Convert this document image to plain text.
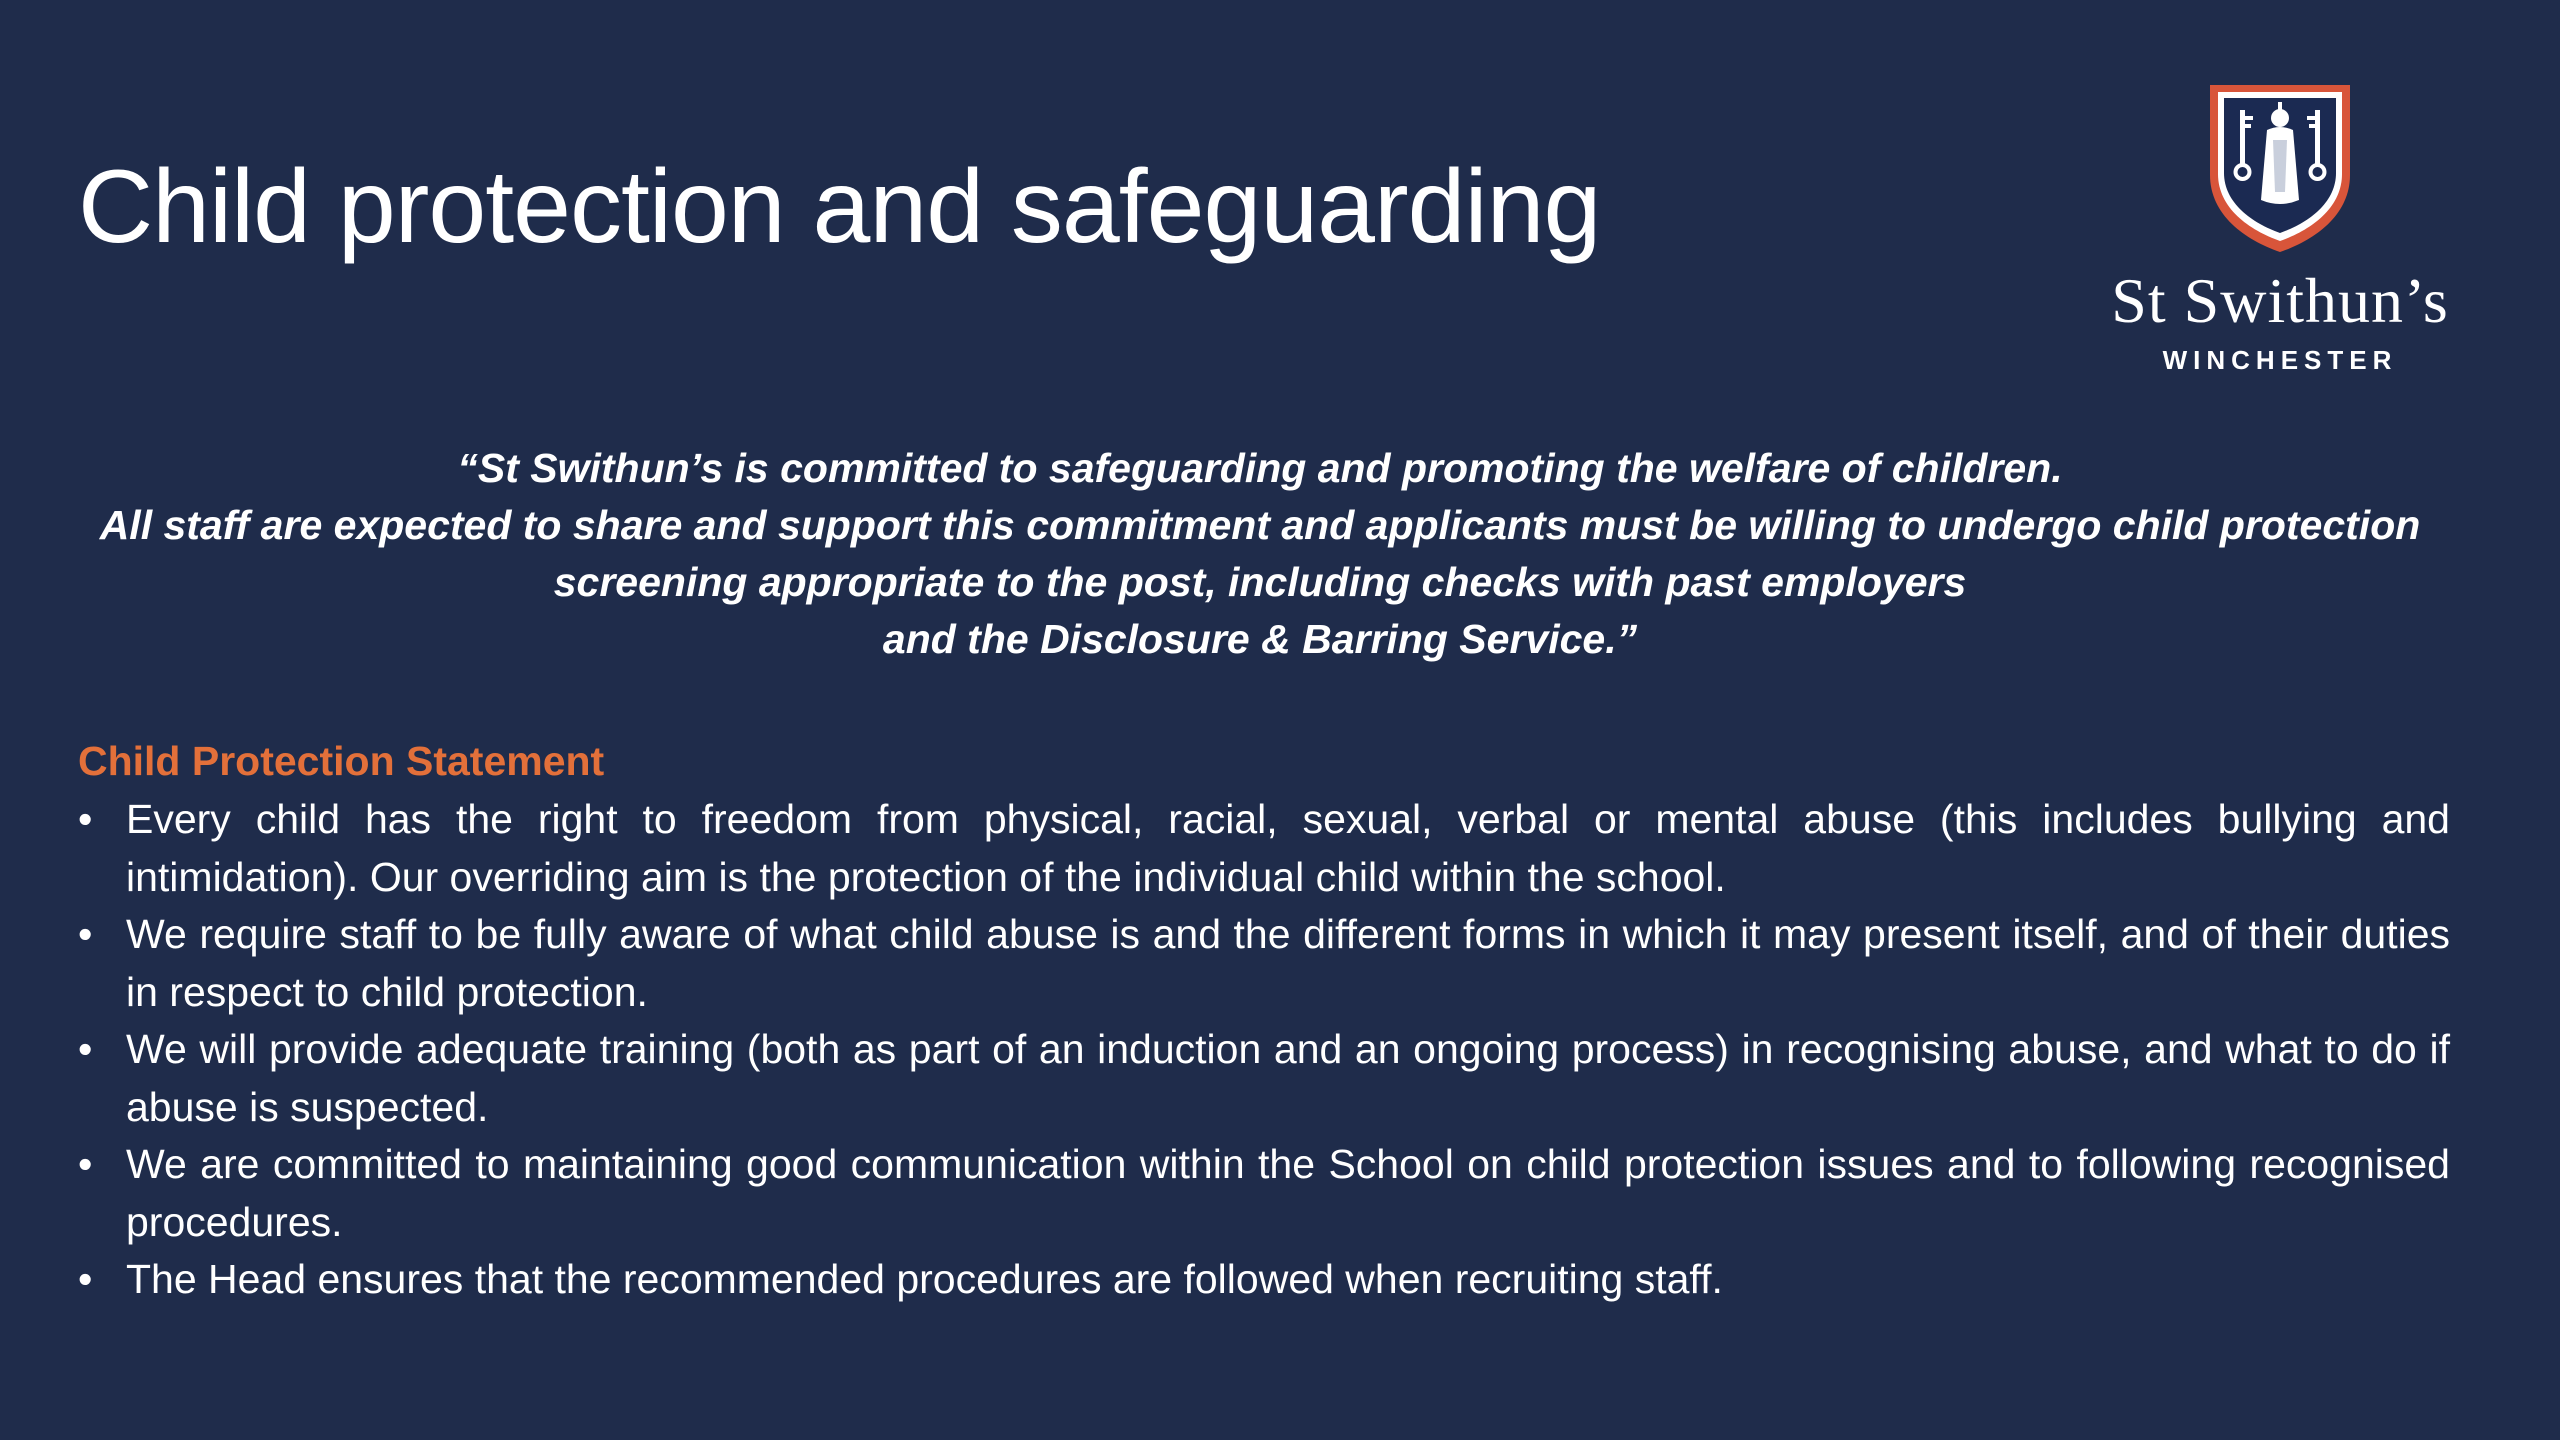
Child protection and safeguarding
St Swithun’s
WINCHESTER
“St Swithun’s is committed to safeguarding and promoting the welfare of children.
All staff are expected to share and support this commitment and applicants must be willing to undergo child protection
screening appropriate to the post, including checks with past employers
and the Disclosure & Barring Service.”
Child Protection Statement
• Every child has the right to freedom from physical, racial, sexual, verbal or mental abuse (this includes bullying and intimidation). Our overriding aim is the protection of the individual child within the school.
• We require staff to be fully aware of what child abuse is and the different forms in which it may present itself, and of their duties in respect to child protection.
• We will provide adequate training (both as part of an induction and an ongoing process) in recognising abuse, and what to do if abuse is suspected.
• We are committed to maintaining good communication within the School on child protection issues and to following recognised procedures.
• The Head ensures that the recommended procedures are followed when recruiting staff.
